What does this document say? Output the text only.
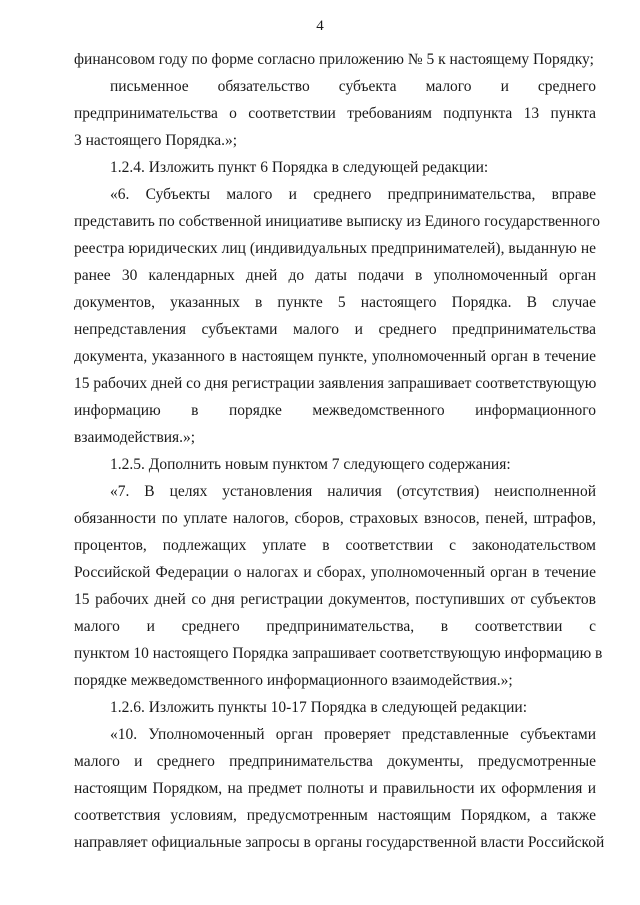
4
финансовом году по форме согласно приложению № 5 к настоящему Порядку;
письменное обязательство субъекта малого и среднего
предпринимательства о соответствии требованиям подпункта 13 пункта
3 настоящего Порядка.»;
1.2.4. Изложить пункт 6 Порядка в следующей редакции:
«6. Субъекты малого и среднего предпринимательства, вправе
представить по собственной инициативе выписку из Единого государственного
реестра юридических лиц (индивидуальных предпринимателей), выданную не
ранее 30 календарных дней до даты подачи в уполномоченный орган
документов, указанных в пункте 5 настоящего Порядка. В случае
непредставления субъектами малого и среднего предпринимательства
документа, указанного в настоящем пункте, уполномоченный орган в течение
15 рабочих дней со дня регистрации заявления запрашивает соответствующую
информацию в порядке межведомственного информационного
взаимодействия.»;
1.2.5. Дополнить новым пунктом 7 следующего содержания:
«7. В целях установления наличия (отсутствия) неисполненной
обязанности по уплате налогов, сборов, страховых взносов, пеней, штрафов,
процентов, подлежащих уплате в соответствии с законодательством
Российской Федерации о налогах и сборах, уполномоченный орган в течение
15 рабочих дней со дня регистрации документов, поступивших от субъектов
малого и среднего предпринимательства, в соответствии с
пунктом 10 настоящего Порядка запрашивает соответствующую информацию в
порядке межведомственного информационного взаимодействия.»;
1.2.6. Изложить пункты 10-17 Порядка в следующей редакции:
«10. Уполномоченный орган проверяет представленные субъектами
малого и среднего предпринимательства документы, предусмотренные
настоящим Порядком, на предмет полноты и правильности их оформления и
соответствия условиям, предусмотренным настоящим Порядком, а также
направляет официальные запросы в органы государственной власти Российской
